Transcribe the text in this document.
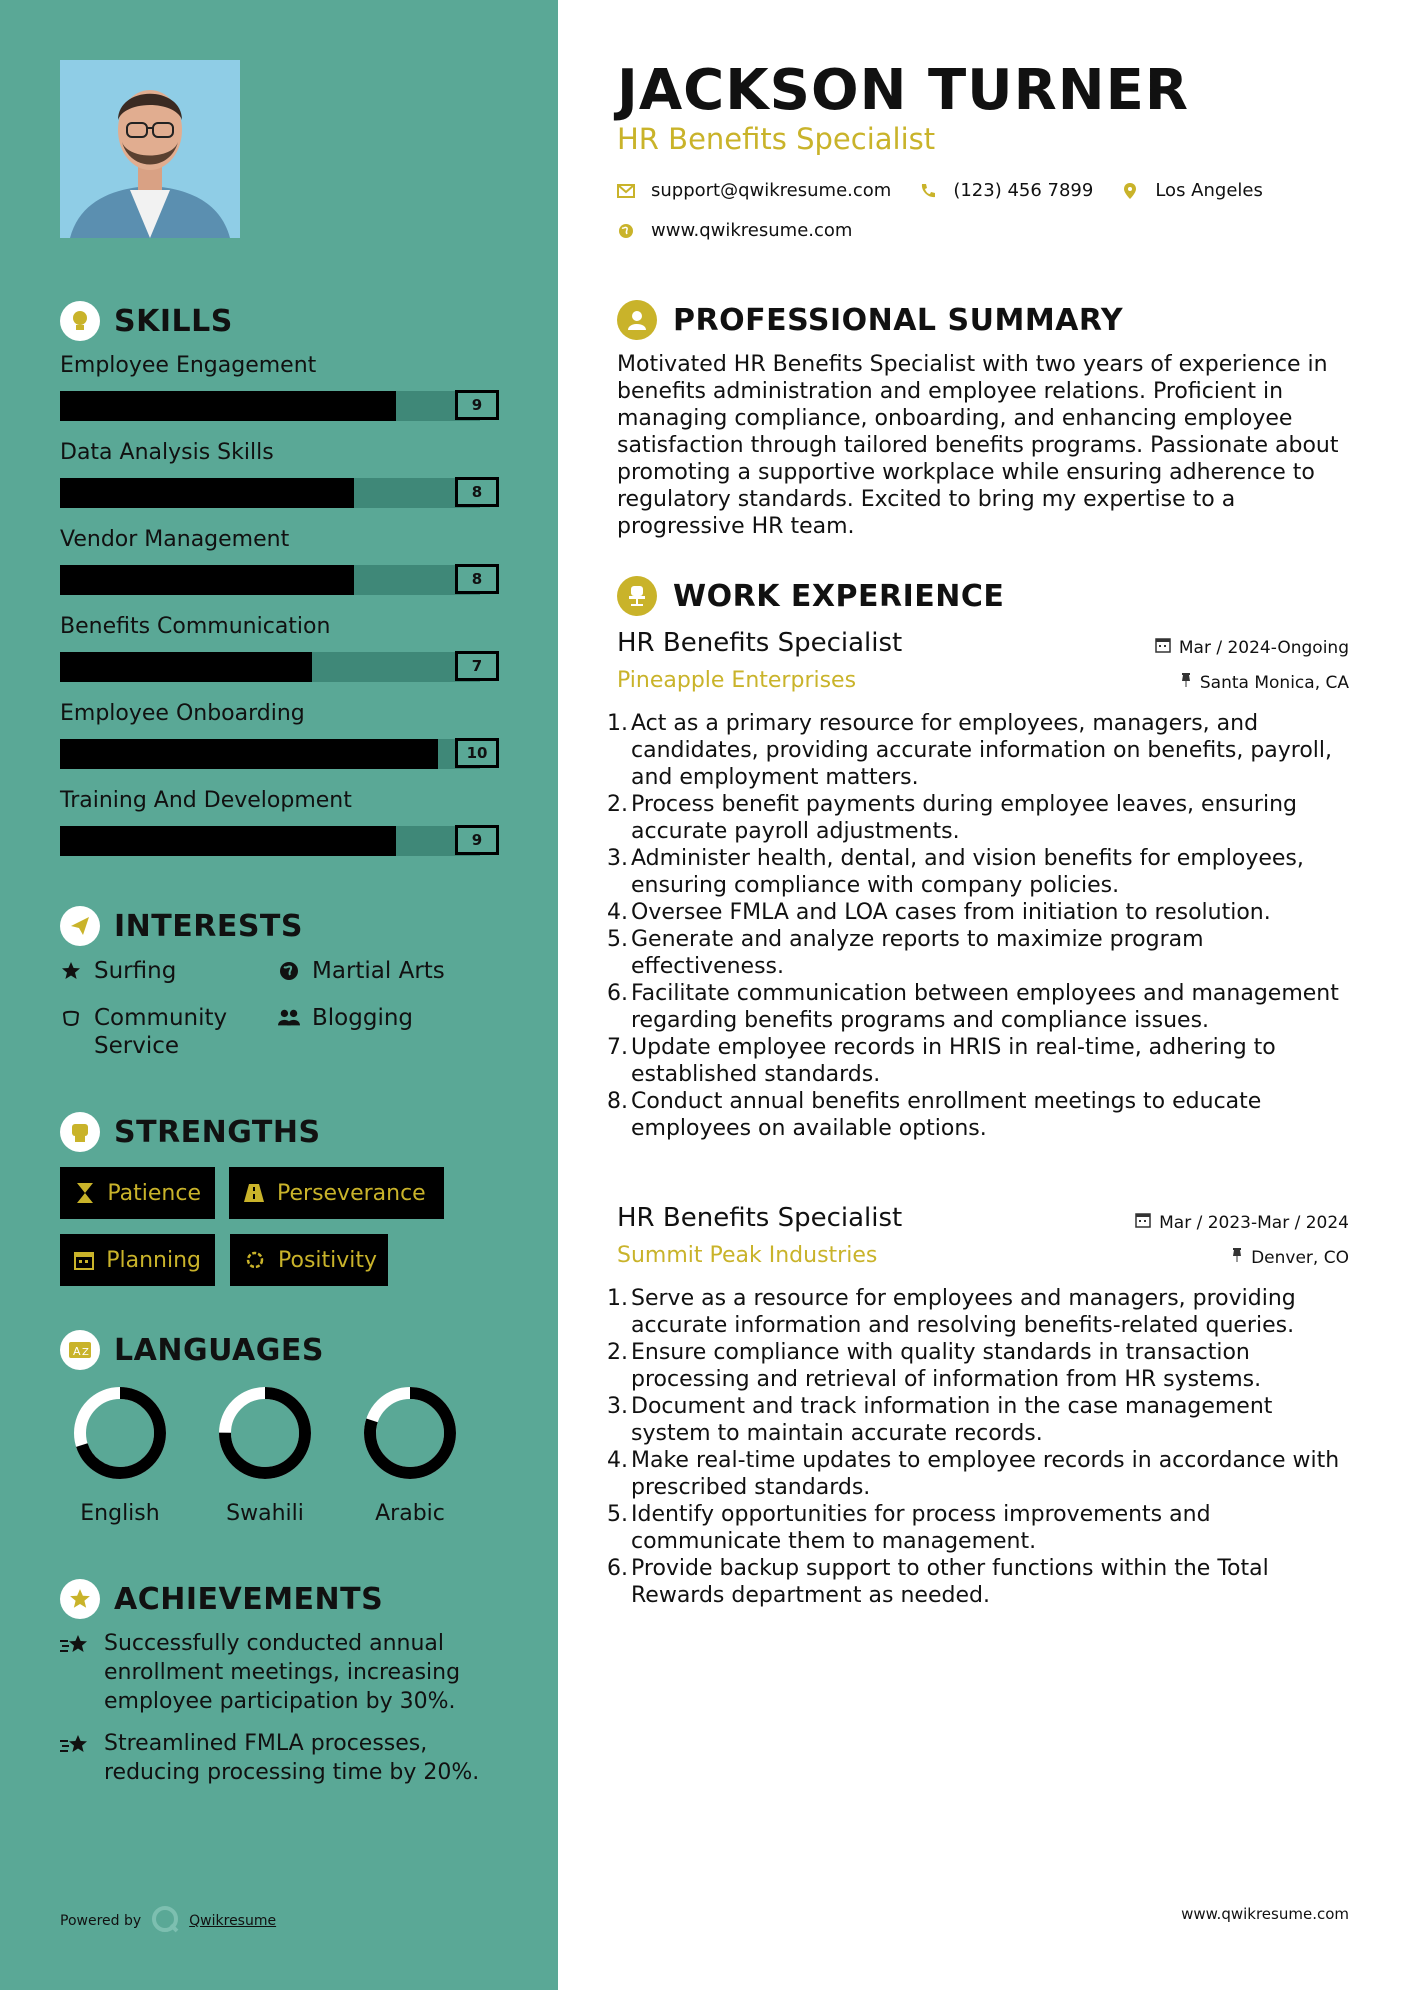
SKILLS
Employee Engagement
9
Data Analysis Skills
8
Vendor Management
8
Benefits Communication
7
Employee Onboarding
10
Training And Development
9
INTERESTS
Surfing	Martial Arts
Community Service
Blogging
STRENGTHS
Patience	Perseverance
Planning	Positivity
A Z LANGUAGES
English	Swahili	Arabic
ACHIEVEMENTS
Successfully conducted annual enrollment meetings, increasing employee participation by 30%.
Streamlined FMLA processes, reducing processing time by 20%.
Powered by	Qwikresume
JACKSON TURNER
HR Benefits Specialist
support@qwikresume.com	(123) 456 7899	Los Angeles
www.qwikresume.com
PROFESSIONAL SUMMARY
Motivated HR Benefits Specialist with two years of experience in benefits administration and employee relations. Proficient in managing compliance, onboarding, and enhancing employee satisfaction through tailored benefits programs. Passionate about promoting a supportive workplace while ensuring adherence to regulatory standards. Excited to bring my expertise to a progressive HR team.
WORK EXPERIENCE
HR Benefits Specialist	Mar / 2024-Ongoing
Pineapple Enterprises	Santa Monica, CA
1. Act as a primary resource for employees, managers, and candidates, providing accurate information on benefits, payroll, and employment matters.
2. Process benefit payments during employee leaves, ensuring accurate payroll adjustments.
3. Administer health, dental, and vision benefits for employees, ensuring compliance with company policies.
4. Oversee FMLA and LOA cases from initiation to resolution.
5. Generate and analyze reports to maximize program effectiveness.
6. Facilitate communication between employees and management regarding benefits programs and compliance issues.
7. Update employee records in HRIS in real-time, adhering to established standards.
8. Conduct annual benefits enrollment meetings to educate employees on available options.
HR Benefits Specialist	Mar / 2023-Mar / 2024
Summit Peak Industries	Denver, CO
1. Serve as a resource for employees and managers, providing accurate information and resolving benefits-related queries.
2. Ensure compliance with quality standards in transaction processing and retrieval of information from HR systems.
3. Document and track information in the case management system to maintain accurate records.
4. Make real-time updates to employee records in accordance with prescribed standards.
5. Identify opportunities for process improvements and communicate them to management.
6. Provide backup support to other functions within the Total Rewards department as needed.
www.qwikresume.com
